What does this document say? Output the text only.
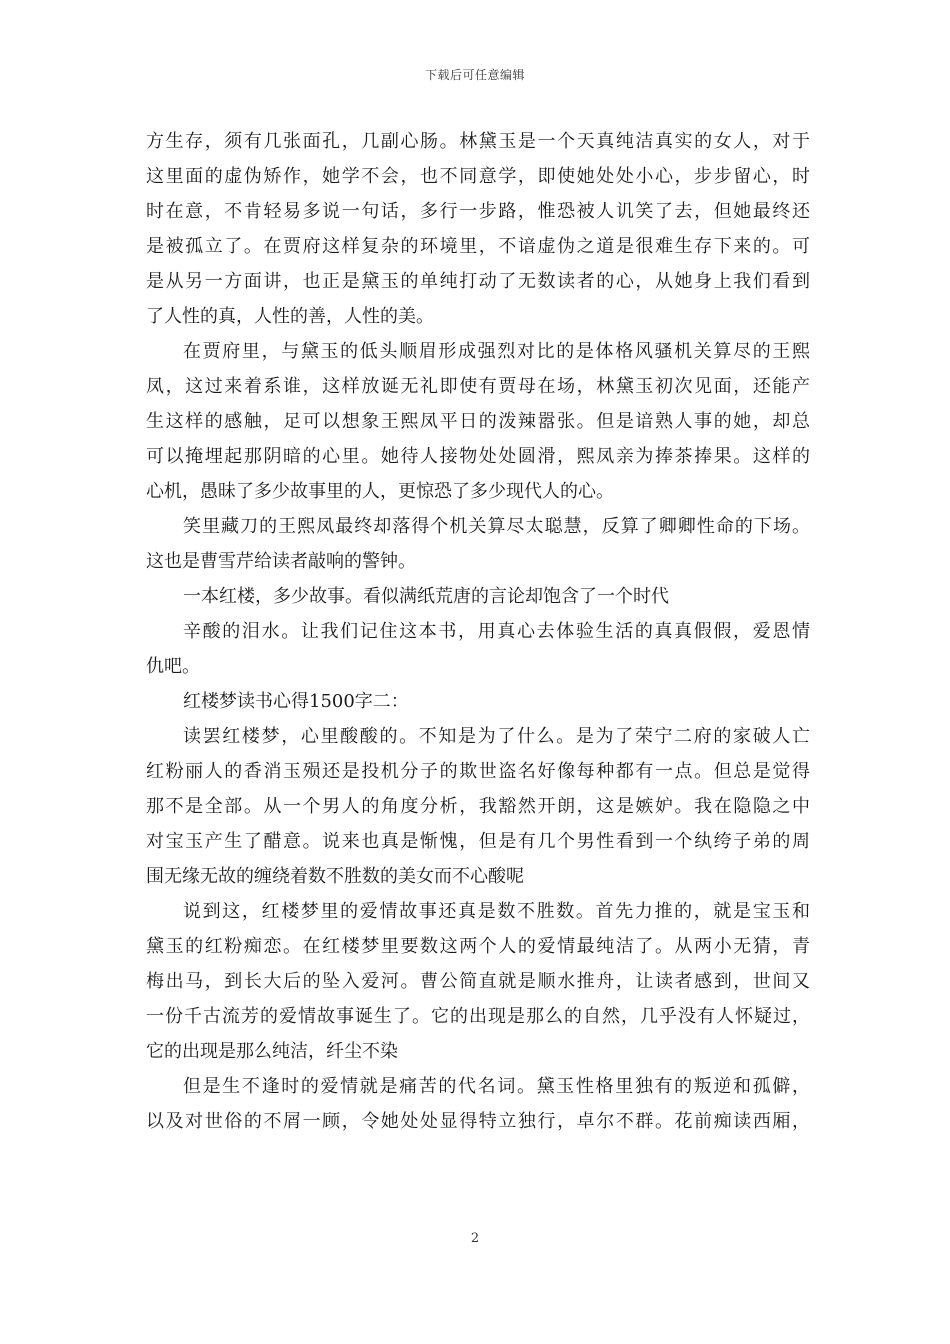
下载后可任意编辑
方生存，须有几张面孔，几副心肠。林黛玉是一个天真纯洁真实的女人，对于
这里面的虚伪矫作，她学不会，也不同意学，即使她处处小心，步步留心，时
时在意，不肯轻易多说一句话，多行一步路，惟恐被人讥笑了去，但她最终还
是被孤立了。在贾府这样复杂的环境里，不谙虚伪之道是很难生存下来的。可
是从另一方面讲，也正是黛玉的单纯打动了无数读者的心，从她身上我们看到
了人性的真，人性的善，人性的美。
在贾府里，与黛玉的低头顺眉形成强烈对比的是体格风骚机关算尽的王熙
凤，这过来着系谁，这样放诞无礼即使有贾母在场，林黛玉初次见面，还能产
生这样的感触，足可以想象王熙凤平日的泼辣嚣张。但是谙熟人事的她，却总
可以掩埋起那阴暗的心里。她待人接物处处圆滑，熙凤亲为捧茶捧果。这样的
心机，愚昧了多少故事里的人，更惊恐了多少现代人的心。
笑里藏刀的王熙凤最终却落得个机关算尽太聪慧，反算了卿卿性命的下场。
这也是曹雪芹给读者敲响的警钟。
一本红楼，多少故事。看似满纸荒唐的言论却饱含了一个时代
辛酸的泪水。让我们记住这本书，用真心去体验生活的真真假假，爱恩情
仇吧。
红楼梦读书心得1500字二：
读罢红楼梦，心里酸酸的。不知是为了什么。是为了荣宁二府的家破人亡
红粉丽人的香消玉殒还是投机分子的欺世盗名好像每种都有一点。但总是觉得
那不是全部。从一个男人的角度分析，我豁然开朗，这是嫉妒。我在隐隐之中
对宝玉产生了醋意。说来也真是惭愧，但是有几个男性看到一个纨绔子弟的周
围无缘无故的缠绕着数不胜数的美女而不心酸呢
说到这，红楼梦里的爱情故事还真是数不胜数。首先力推的，就是宝玉和
黛玉的红粉痴恋。在红楼梦里要数这两个人的爱情最纯洁了。从两小无猜，青
梅出马，到长大后的坠入爱河。曹公简直就是顺水推舟，让读者感到，世间又
一份千古流芳的爱情故事诞生了。它的出现是那么的自然，几乎没有人怀疑过，
它的出现是那么纯洁，纤尘不染
但是生不逢时的爱情就是痛苦的代名词。黛玉性格里独有的叛逆和孤僻，
以及对世俗的不屑一顾，令她处处显得特立独行，卓尔不群。花前痴读西厢，
2
